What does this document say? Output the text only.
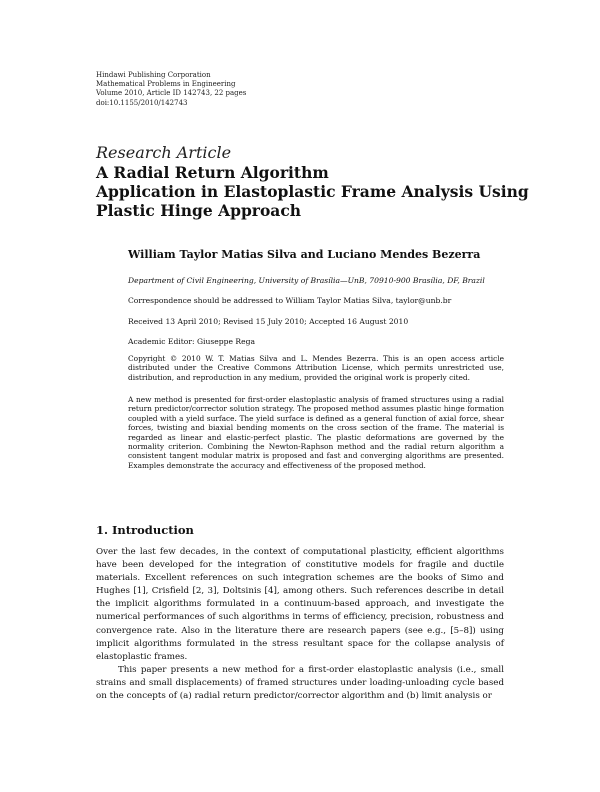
Hindawi Publishing Corporation
Mathematical Problems in Engineering
Volume 2010, Article ID 142743, 22 pages
doi:10.1155/2010/142743
Research Article
A Radial Return Algorithm
Application in Elastoplastic Frame Analysis Using
Plastic Hinge Approach
William Taylor Matias Silva and Luciano Mendes Bezerra
Department of Civil Engineering, University of Brasília—UnB, 70910-900 Brasília, DF, Brazil
Correspondence should be addressed to William Taylor Matias Silva, taylor@unb.br
Received 13 April 2010; Revised 15 July 2010; Accepted 16 August 2010
Academic Editor: Giuseppe Rega
Copyright © 2010 W. T. Matias Silva and L. Mendes Bezerra. This is an open access article distributed under the Creative Commons Attribution License, which permits unrestricted use, distribution, and reproduction in any medium, provided the original work is properly cited.
A new method is presented for first-order elastoplastic analysis of framed structures using a radial return predictor/corrector solution strategy. The proposed method assumes plastic hinge formation coupled with a yield surface. The yield surface is defined as a general function of axial force, shear forces, twisting and biaxial bending moments on the cross section of the frame. The material is regarded as linear and elastic-perfect plastic. The plastic deformations are governed by the normality criterion. Combining the Newton-Raphson method and the radial return algorithm a consistent tangent modular matrix is proposed and fast and converging algorithms are presented. Examples demonstrate the accuracy and effectiveness of the proposed method.
1. Introduction

Over the last few decades, in the context of computational plasticity, efficient algorithms have been developed for the integration of constitutive models for fragile and ductile materials. Excellent references on such integration schemes are the books of Simo and Hughes [1], Crisfield [2, 3], Doltsinis [4], among others. Such references describe in detail the implicit algorithms formulated in a continuum-based approach, and investigate the numerical performances of such algorithms in terms of efficiency, precision, robustness and convergence rate. Also in the literature there are research papers (see e.g., [5–8]) using implicit algorithms formulated in the stress resultant space for the collapse analysis of elastoplastic frames.

This paper presents a new method for a first-order elastoplastic analysis (i.e., small strains and small displacements) of framed structures under loading-unloading cycle based on the concepts of (a) radial return predictor/corrector algorithm and (b) limit analysis or
